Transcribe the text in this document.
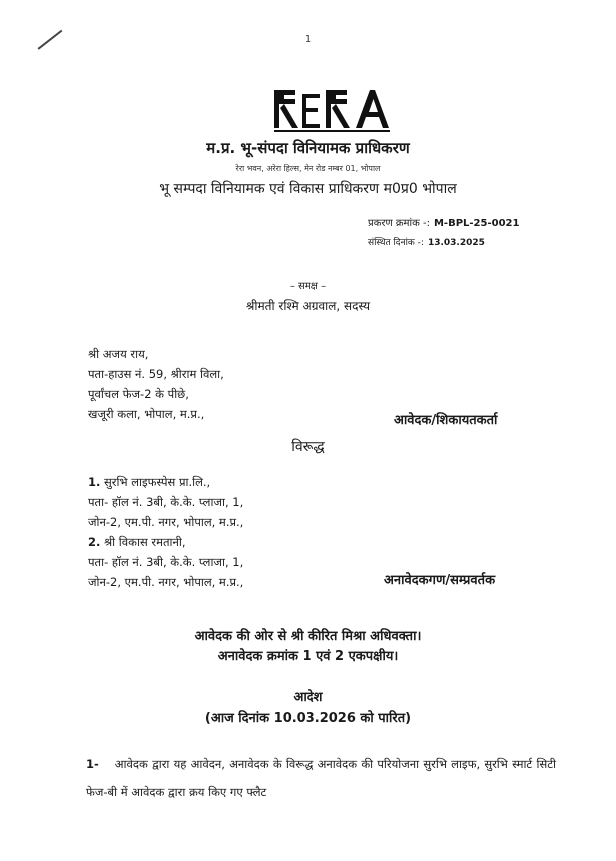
1
म.प्र. भू-संपदा विनियामक प्राधिकरण
रेरा भवन, अरेरा हिल्स, मेन रोड नम्बर 01, भोपाल
भू सम्पदा विनियामक एवं विकास प्राधिकरण म0प्र0 भोपाल
प्रकरण क्रमांक -: M-BPL-25-0021
संस्थित दिनांक -: 13.03.2025
– समक्ष –
श्रीमती रश्मि अग्रवाल, सदस्य
श्री अजय राय,
पता-हाउस नं. 59, श्रीराम विला,
पूर्वांचल फेज-2 के पीछे,
खजूरी कला, भोपाल, म.प्र.,	आवेदक/शिकायतकर्ता
विरूद्ध
1. सुरभि लाइफस्पेस प्रा.लि.,
पता- हॉल नं. 3बी, के.के. प्लाजा, 1,
जोन-2, एम.पी. नगर, भोपाल, म.प्र.,
2. श्री विकास रमतानी,
पता- हॉल नं. 3बी, के.के. प्लाजा, 1,
जोन-2, एम.पी. नगर, भोपाल, म.प्र.,	अनावेदकगण/सम्प्रवर्तक
आवेदक की ओर से श्री कीरित मिश्रा अधिवक्ता।
अनावेदक क्रमांक 1 एवं 2 एकपक्षीय।
आदेश
(आज दिनांक 10.03.2026 को पारित)
1- आवेदक द्वारा यह आवेदन, अनावेदक के विरूद्ध अनावेदक की परियोजना सुरभि लाइफ, सुरभि स्मार्ट सिटी फेज-बी में आवेदक द्वारा क्रय किए गए फ्लैट
